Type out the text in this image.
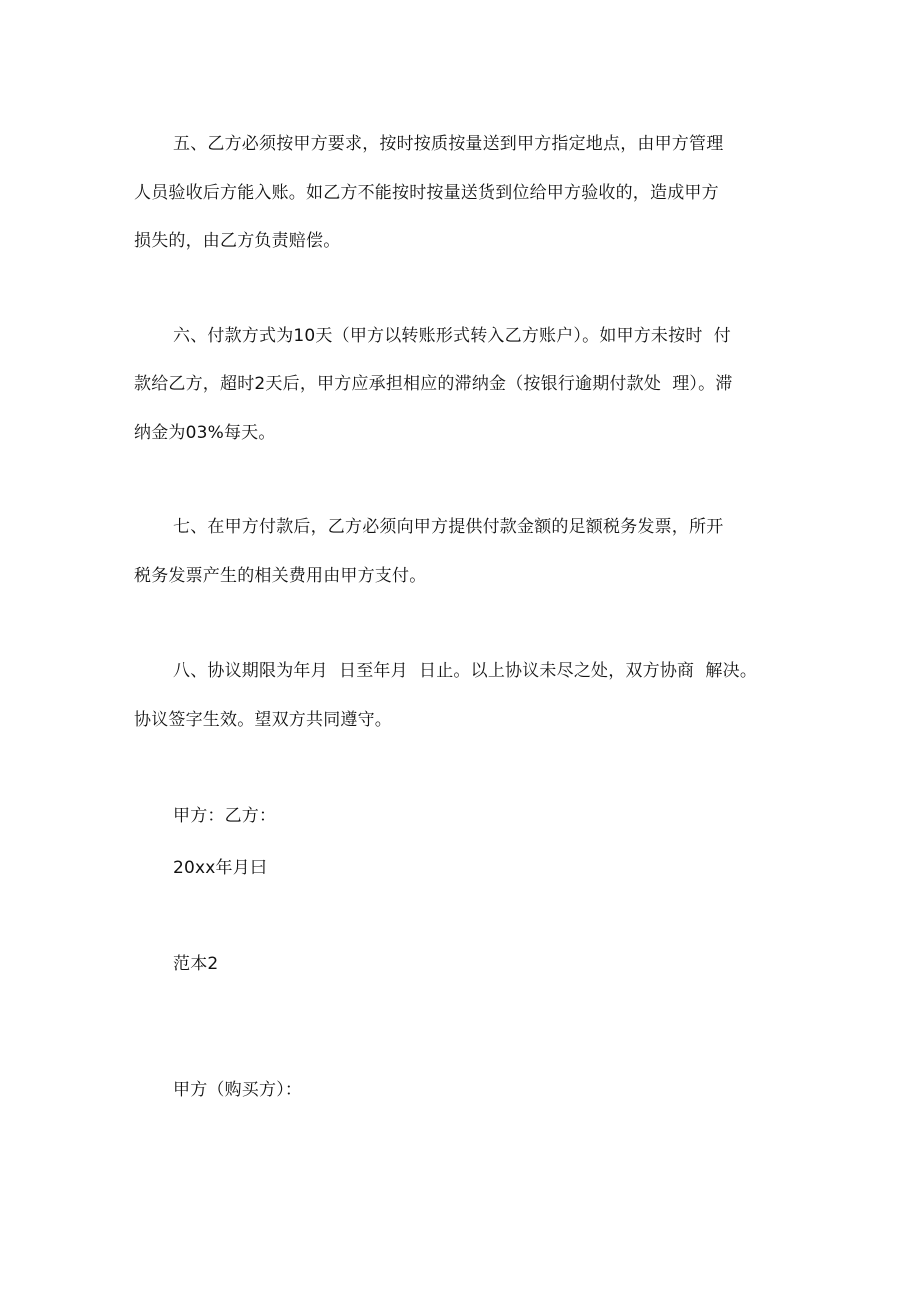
五、乙方必须按甲方要求，按时按质按量送到甲方指定地点，由甲方管理
人员验收后方能入账。如乙方不能按时按量送货到位给甲方验收的，造成甲方
损失的，由乙方负责赔偿。
六、付款方式为10天（甲方以转账形式转入乙方账户）。如甲方未按时  付
款给乙方，超时2天后，甲方应承担相应的滞纳金（按银行逾期付款处  理）。滞
纳金为03%每天。
七、在甲方付款后，乙方必须向甲方提供付款金额的足额税务发票，所开
税务发票产生的相关费用由甲方支付。
八、协议期限为年月  日至年月  日止。以上协议未尽之处，双方协商  解决。
协议签字生效。望双方共同遵守。
甲方：乙方：
20xx年月曰
范本2
甲方（购买方）：
